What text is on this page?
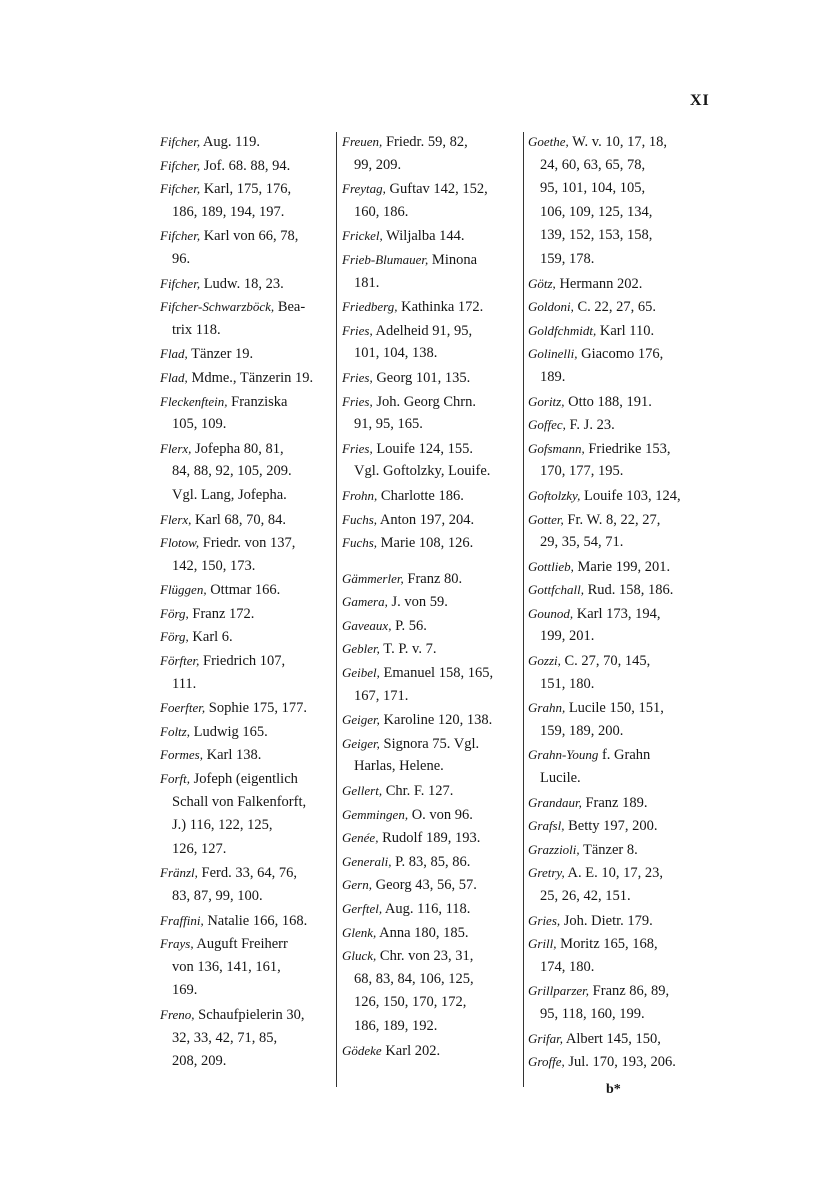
XI
Fifcher, Aug. 119.
Fifcher, Jof. 68. 88, 94.
Fifcher, Karl, 175, 176,
186, 189, 194, 197.
Fifcher, Karl von 66, 78,
96.
Fifcher, Ludw. 18, 23.
Fifcher-Schwarzböck, Bea-
trix 118.
Flad, Tänzer 19.
Flad, Mdme., Tänzerin 19.
Fleckenftein, Franziska
105, 109.
Flerx, Jofepha 80, 81,
84, 88, 92, 105, 209.
Vgl. Lang, Jofepha.
Flerx, Karl 68, 70, 84.
Flotow, Friedr. von 137,
142, 150, 173.
Flüggen, Ottmar 166.
Förg, Franz 172.
Förg, Karl 6.
Förfter, Friedrich 107,
111.
Foerfter, Sophie 175, 177.
Foltz, Ludwig 165.
Formes, Karl 138.
Forft, Jofeph (eigentlich
Schall von Falkenforft,
J.) 116, 122, 125,
126, 127.
Fränzl, Ferd. 33, 64, 76,
83, 87, 99, 100.
Fraffini, Natalie 166, 168.
Frays, Auguft Freiherr
von 136, 141, 161,
169.
Freno, Schaufpielerin 30,
32, 33, 42, 71, 85,
208, 209.
Freuen, Friedr. 59, 82,
99, 209.
Freytag, Guftav 142, 152,
160, 186.
Frickel, Wiljalba 144.
Frieb-Blumauer, Minona
181.
Friedberg, Kathinka 172.
Fries, Adelheid 91, 95,
101, 104, 138.
Fries, Georg 101, 135.
Fries, Joh. Georg Chrn.
91, 95, 165.
Fries, Louife 124, 155.
Vgl. Goftolzky, Louife.
Frohn, Charlotte 186.
Fuchs, Anton 197, 204.
Fuchs, Marie 108, 126.
Gämmerler, Franz 80.
Gamera, J. von 59.
Gaveaux, P. 56.
Gebler, T. P. v. 7.
Geibel, Emanuel 158, 165,
167, 171.
Geiger, Karoline 120, 138.
Geiger, Signora 75. Vgl.
Harlas, Helene.
Gellert, Chr. F. 127.
Gemmingen, O. von 96.
Genée, Rudolf 189, 193.
Generali, P. 83, 85, 86.
Gern, Georg 43, 56, 57.
Gerftel, Aug. 116, 118.
Glenk, Anna 180, 185.
Gluck, Chr. von 23, 31,
68, 83, 84, 106, 125,
126, 150, 170, 172,
186, 189, 192.
Gödeke Karl 202.
Goethe, W. v. 10, 17, 18,
24, 60, 63, 65, 78,
95, 101, 104, 105,
106, 109, 125, 134,
139, 152, 153, 158,
159, 178.
Götz, Hermann 202.
Goldoni, C. 22, 27, 65.
Goldfchmidt, Karl 110.
Golinelli, Giacomo 176,
189.
Goritz, Otto 188, 191.
Goffec, F. J. 23.
Gofsmann, Friedrike 153,
170, 177, 195.
Goftolzky, Louife 103, 124,
Gotter, Fr. W. 8, 22, 27,
29, 35, 54, 71.
Gottlieb, Marie 199, 201.
Gottfchall, Rud. 158, 186.
Gounod, Karl 173, 194,
199, 201.
Gozzi, C. 27, 70, 145,
151, 180.
Grahn, Lucile 150, 151,
159, 189, 200.
Grahn-Young f. Grahn
Lucile.
Grandaur, Franz 189.
Grafsl, Betty 197, 200.
Grazzioli, Tänzer 8.
Gretry, A. E. 10, 17, 23,
25, 26, 42, 151.
Gries, Joh. Dietr. 179.
Grill, Moritz 165, 168,
174, 180.
Grillparzer, Franz 86, 89,
95, 118, 160, 199.
Grifar, Albert 145, 150,
Groffe, Jul. 170, 193, 206.
b*
